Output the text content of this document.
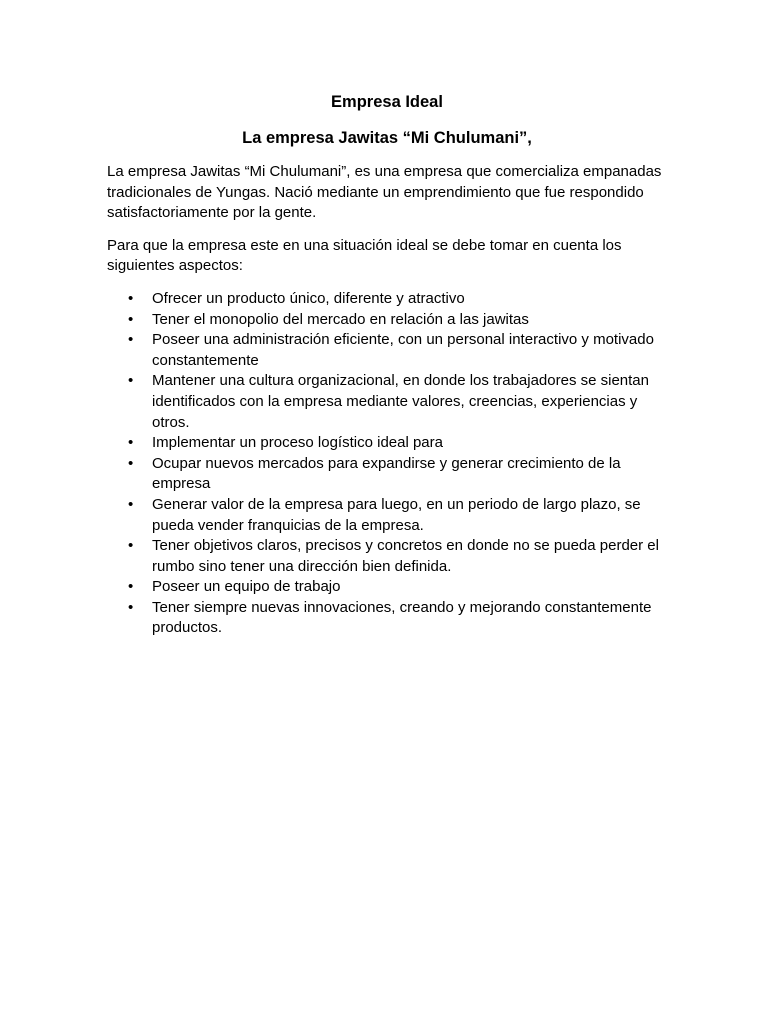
Empresa Ideal

La empresa Jawitas “Mi Chulumani”,

La empresa Jawitas “Mi Chulumani”, es una empresa que comercializa empanadas tradicionales de Yungas. Nació mediante un emprendimiento que fue respondido satisfactoriamente por la gente.

Para que la empresa este en una situación ideal se debe tomar en cuenta los siguientes aspectos:

• Ofrecer un producto único, diferente y atractivo
• Tener el monopolio del mercado en relación a las jawitas
• Poseer una administración eficiente, con un personal interactivo y motivado constantemente
• Mantener una cultura organizacional, en donde los trabajadores se sientan identificados con la empresa mediante valores, creencias, experiencias y otros.
• Implementar un proceso logístico ideal para
• Ocupar nuevos mercados para expandirse y generar crecimiento de la empresa
• Generar valor de la empresa para luego, en un periodo de largo plazo, se pueda vender franquicias de la empresa.
• Tener objetivos claros, precisos y concretos en donde no se pueda perder el rumbo sino tener una dirección bien definida.
• Poseer un equipo de trabajo
• Tener siempre nuevas innovaciones, creando y mejorando constantemente productos.
